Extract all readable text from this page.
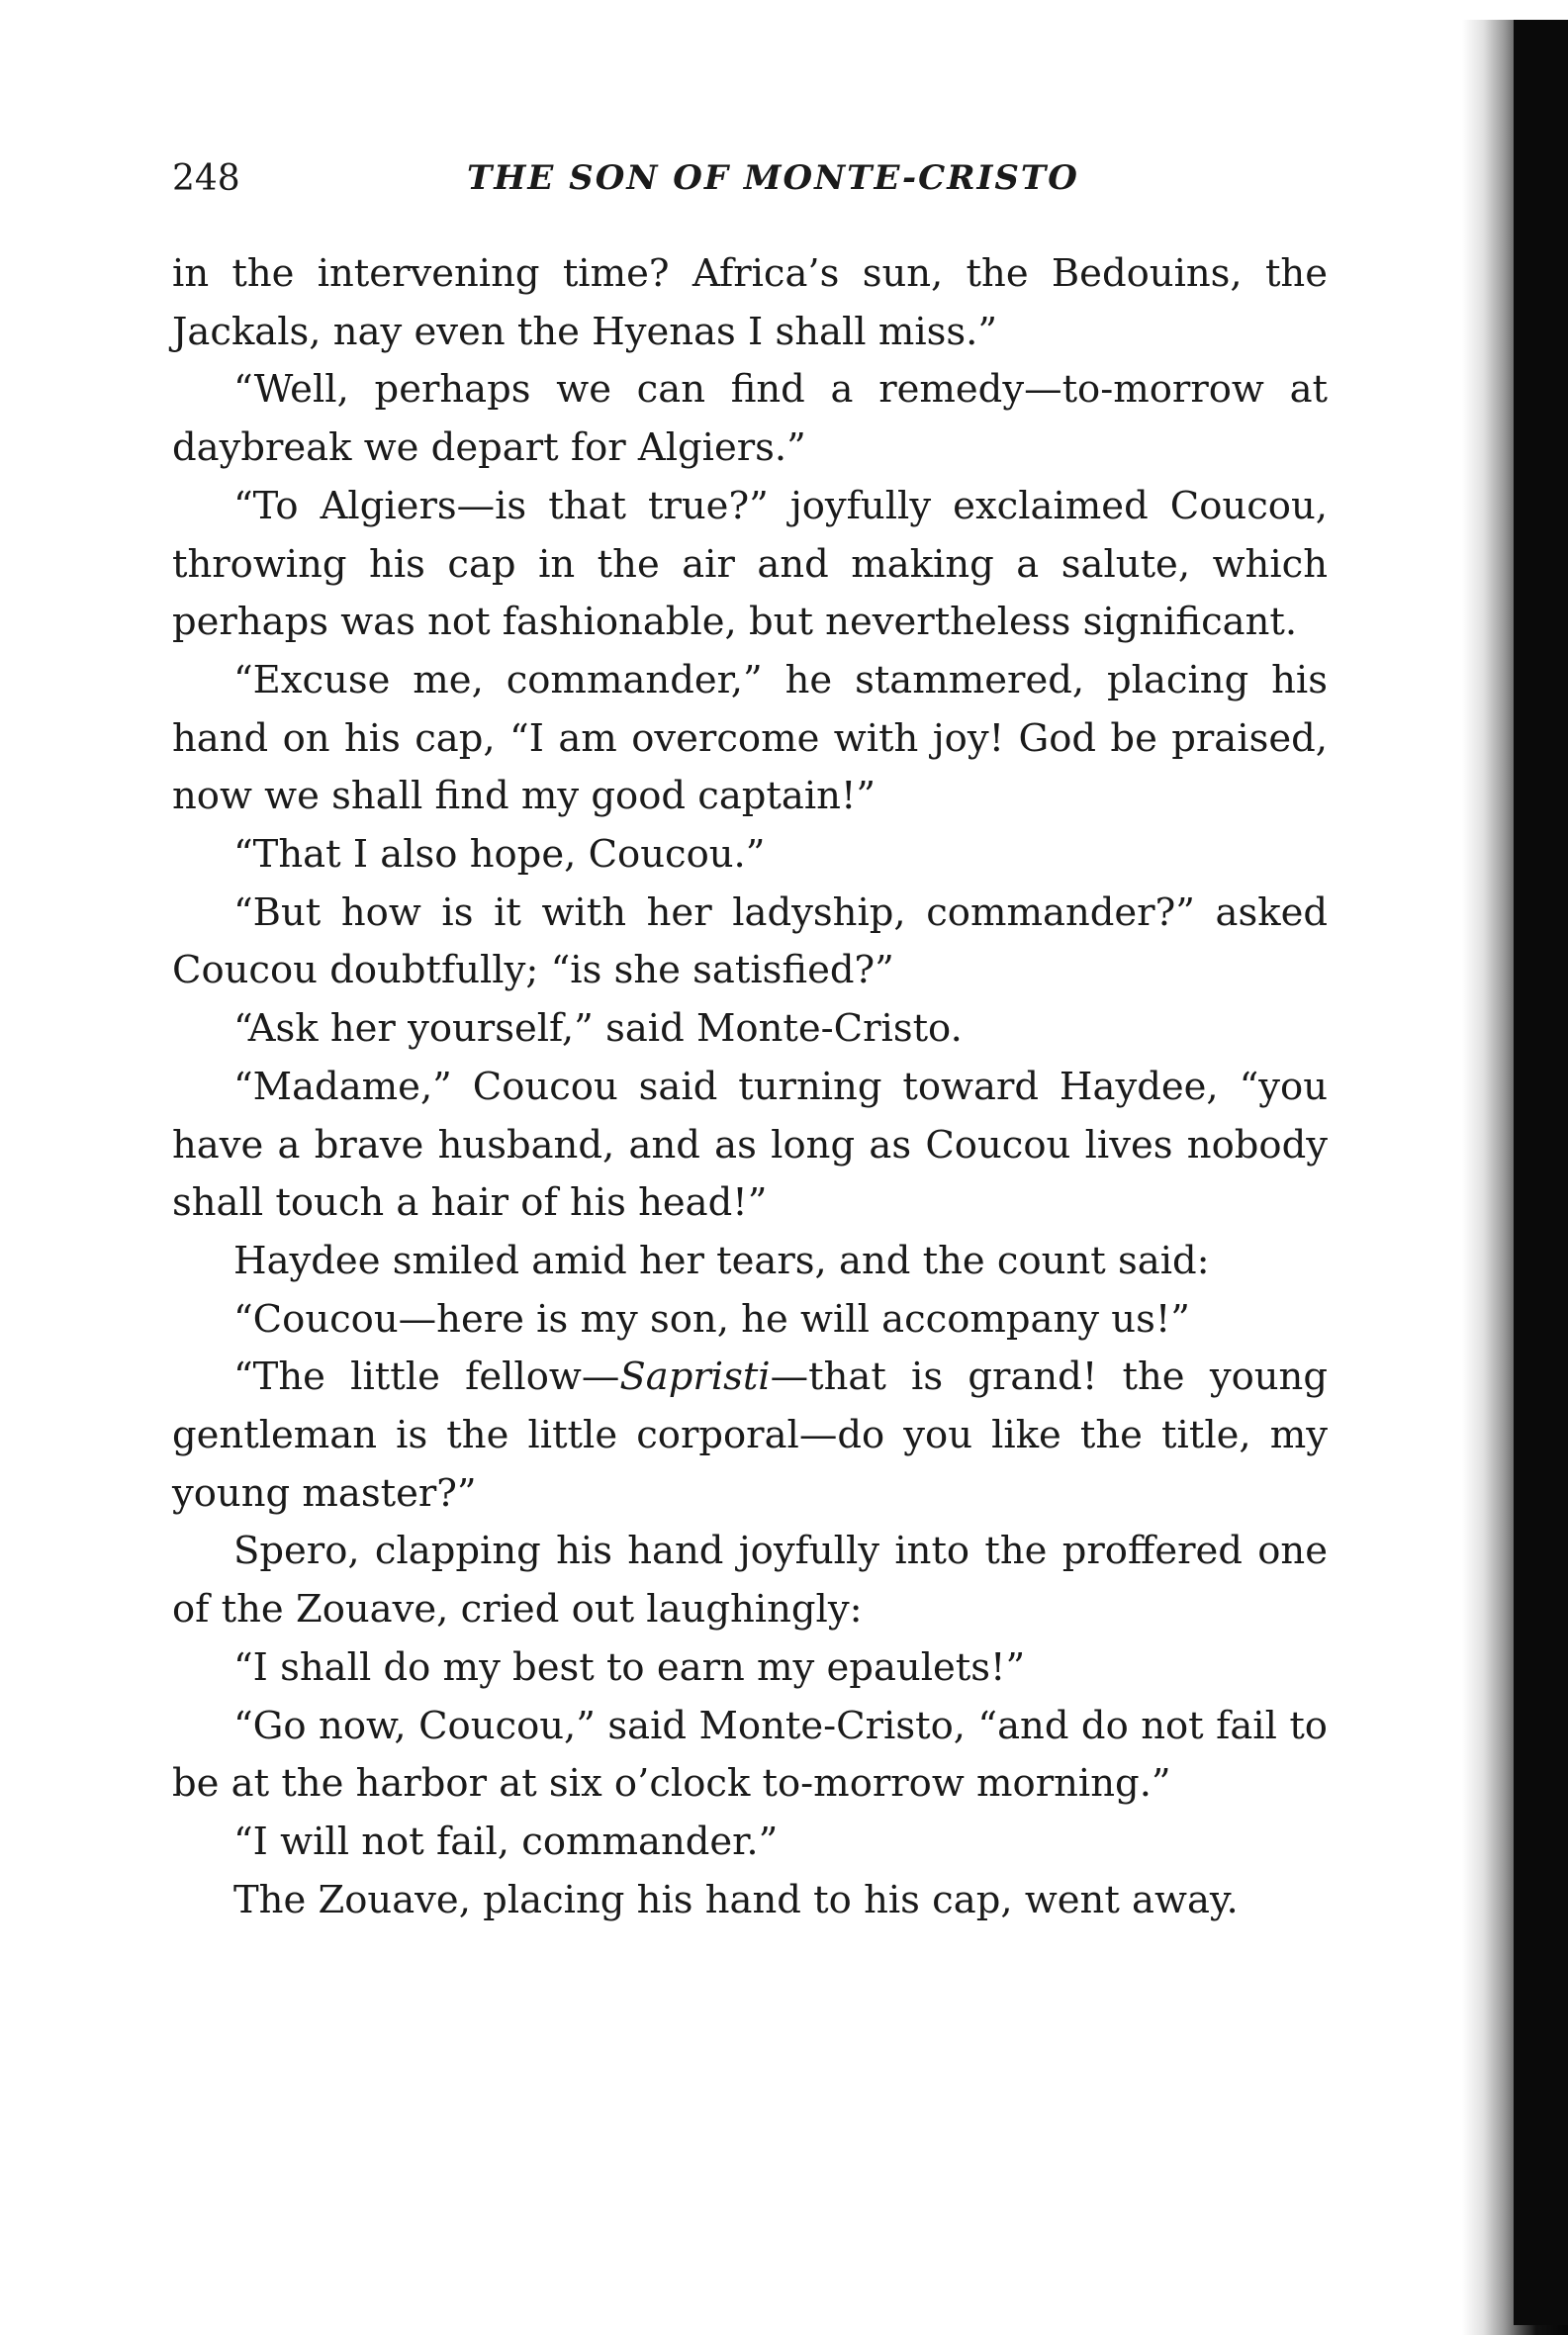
248	THE SON OF MONTE-CRISTO

in the intervening time? Africa’s sun, the Bedouins, the Jackals, nay even the Hyenas I shall miss.”

“Well, perhaps we can find a remedy—to-morrow at daybreak we depart for Algiers.”

“To Algiers—is that true?” joyfully exclaimed Coucou, throwing his cap in the air and making a salute, which perhaps was not fashionable, but nevertheless significant.

“Excuse me, commander,” he stammered, placing his hand on his cap, “I am overcome with joy! God be praised, now we shall find my good captain!”

“That I also hope, Coucou.”

“But how is it with her ladyship, commander?” asked Coucou doubtfully; “is she satisfied?”

“Ask her yourself,” said Monte-Cristo.

“Madame,” Coucou said turning toward Haydee, “you have a brave husband, and as long as Coucou lives nobody shall touch a hair of his head!”

Haydee smiled amid her tears, and the count said:

“Coucou—here is my son, he will accompany us!”

“The little fellow—Sapristi—that is grand! the young gentleman is the little corporal—do you like the title, my young master?”

Spero, clapping his hand joyfully into the proffered one of the Zouave, cried out laughingly:

“I shall do my best to earn my epaulets!”

“Go now, Coucou,” said Monte-Cristo, “and do not fail to be at the harbor at six o’clock to-morrow morning.”

“I will not fail, commander.”

The Zouave, placing his hand to his cap, went away.
